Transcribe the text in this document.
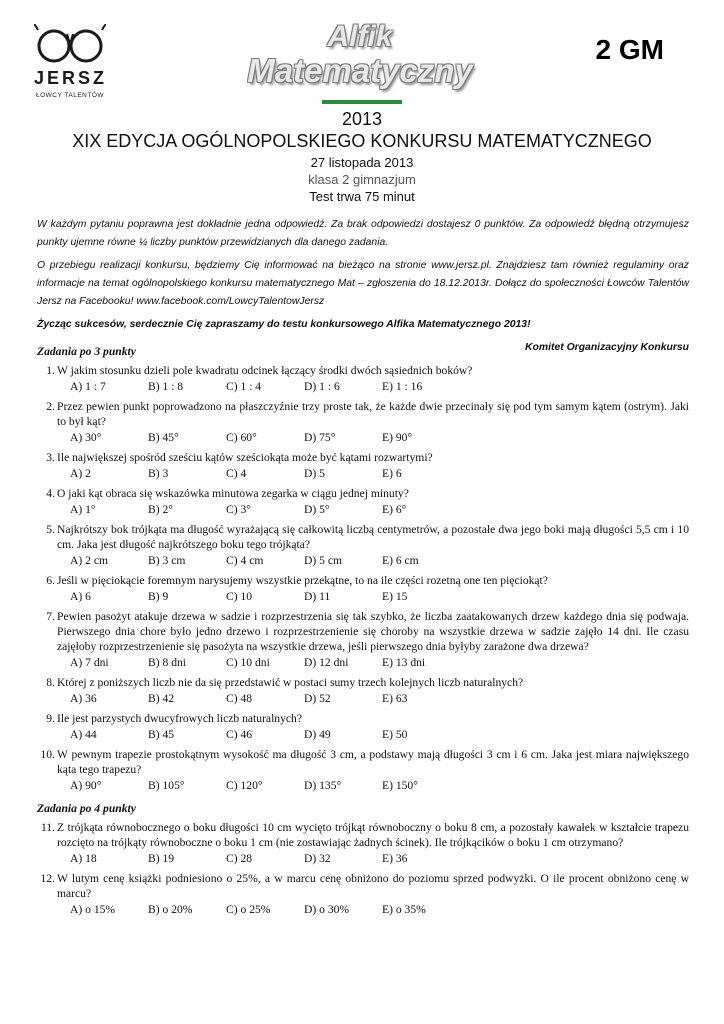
JERSZ
ŁOWCY TALENTÓW
Alfik
Matematyczny
2 GM
2013
XIX EDYCJA OGÓLNOPOLSKIEGO KONKURSU MATEMATYCZNEGO
27 listopada 2013
klasa 2 gimnazjum
Test trwa 75 minut

W każdym pytaniu poprawna jest dokładnie jedna odpowiedź. Za brak odpowiedzi dostajesz 0 punktów. Za odpowiedź błędną otrzymujesz punkty ujemne równe ¼ liczby punktów przewidzianych dla danego zadania.

O przebiegu realizacji konkursu, będziemy Cię informować na bieżąco na stronie www.jersz.pl. Znajdziesz tam również regulaminy oraz informacje na temat ogólnopolskiego konkursu matematycznego Mat – zgłoszenia do 18.12.2013r. Dołącz do społeczności Łowców Talentów Jersz na Facebooku! www.facebook.com/LowcyTalentowJersz

Życząc sukcesów, serdecznie Cię zapraszamy do testu konkursowego Alfika Matematycznego 2013!

Komitet Organizacyjny Konkursu

Zadania po 3 punkty
1. W jakim stosunku dzieli pole kwadratu odcinek łączący środki dwóch sąsiednich boków?
A) 1 : 7	B) 1 : 8	C) 1 : 4	D) 1 : 6	E) 1 : 16
2. Przez pewien punkt poprowadzono na płaszczyźnie trzy proste tak, że każde dwie przecinały się pod tym samym kątem (ostrym). Jaki to był kąt?
A) 30°	B) 45°	C) 60°	D) 75°	E) 90°
3. Ile największej spośród sześciu kątów sześciokąta może być kątami rozwartymi?
A) 2	B) 3	C) 4	D) 5	E) 6
4. O jaki kąt obraca się wskazówka minutowa zegarka w ciągu jednej minuty?
A) 1°	B) 2°	C) 3°	D) 5°	E) 6°
5. Najkrótszy bok trójkąta ma długość wyrażającą się całkowitą liczbą centymetrów, a pozostałe dwa jego boki mają długości 5,5 cm i 10 cm. Jaka jest długość najkrótszego boku tego trójkąta?
A) 2 cm	B) 3 cm	C) 4 cm	D) 5 cm	E) 6 cm
6. Jeśli w pięciokącie foremnym narysujemy wszystkie przekątne, to na ile części rozetną one ten pięciokąt?
A) 6	B) 9	C) 10	D) 11	E) 15
7. Pewien pasożyt atakuje drzewa w sadzie i rozprzestrzenia się tak szybko, że liczba zaatakowanych drzew każdego dnia się podwaja. Pierwszego dnia chore było jedno drzewo i rozprzestrzenienie się choroby na wszystkie drzewa w sadzie zajęło 14 dni. Ile czasu zajęłoby rozprzestrzenienie się pasożyta na wszystkie drzewa, jeśli pierwszego dnia byłyby zarażone dwa drzewa?
A) 7 dni	B) 8 dni	C) 10 dni	D) 12 dni	E) 13 dni
8. Której z poniższych liczb nie da się przedstawić w postaci sumy trzech kolejnych liczb naturalnych?
A) 36	B) 42	C) 48	D) 52	E) 63
9. Ile jest parzystych dwucyfrowych liczb naturalnych?
A) 44	B) 45	C) 46	D) 49	E) 50
10. W pewnym trapezie prostokątnym wysokość ma długość 3 cm, a podstawy mają długości 3 cm i 6 cm. Jaka jest miara największego kąta tego trapezu?
A) 90°	B) 105°	C) 120°	D) 135°	E) 150°
Zadania po 4 punkty
11. Z trójkąta równobocznego o boku długości 10 cm wycięto trójkąt równoboczny o boku 8 cm, a pozostały kawałek w kształcie trapezu rozcięto na trójkąty równoboczne o boku 1 cm (nie zostawiając żadnych ścinek). Ile trójkącików o boku 1 cm otrzymano?
A) 18	B) 19	C) 28	D) 32	E) 36
12. W lutym cenę książki podniesiono o 25%, a w marcu cenę obniżono do poziomu sprzed podwyżki. O ile procent obniżono cenę w marcu?
A) o 15%	B) o 20%	C) o 25%	D) o 30%	E) o 35%
